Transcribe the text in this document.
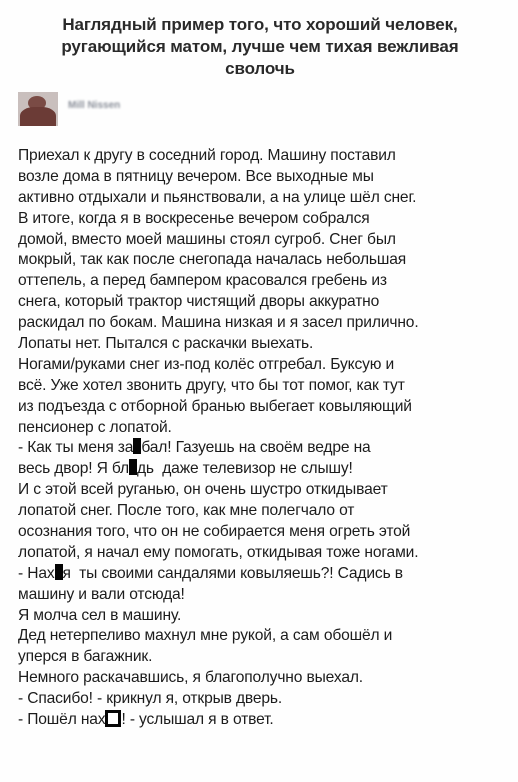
Наглядный пример того, что хороший человек, ругающийся матом, лучше чем тихая вежливая сволочь
Mill Nissen
Приехал к другу в соседний город. Машину поставил
возле дома в пятницу вечером. Все выходные мы
активно отдыхали и пьянствовали, а на улице шёл снег.
В итоге, когда я в воскресенье вечером собрался
домой, вместо моей машины стоял сугроб. Снег был
мокрый, так как после снегопада началась небольшая
оттепель, а перед бампером красовался гребень из
снега, который трактор чистящий дворы аккуратно
раскидал по бокам. Машина низкая и я засел прилично.
Лопаты нет. Пытался с раскачки выехать.
Ногами/руками снег из-под колёс отгребал. Буксую и
всё. Уже хотел звонить другу, что бы тот помог, как тут
из подъезда с отборной бранью выбегает ковыляющий
пенсионер с лопатой.
- Как ты меня за бал! Газуешь на своём ведре на
весь двор! Я бл дь  даже телевизор не слышу!
И с этой всей руганью, он очень шустро откидывает
лопатой снег. После того, как мне полегчало от
осознания того, что он не собирается меня огреть этой
лопатой, я начал ему помогать, откидывая тоже ногами.
- Нах я  ты своими сандалями ковыляешь?! Садись в
машину и вали отсюда!
Я молча сел в машину.
Дед нетерпеливо махнул мне рукой, а сам обошёл и
уперся в багажник.
Немного раскачавшись, я благополучно выехал.
- Спасибо! - крикнул я, открыв дверь.
- Пошёл нах ! - услышал я в ответ.
